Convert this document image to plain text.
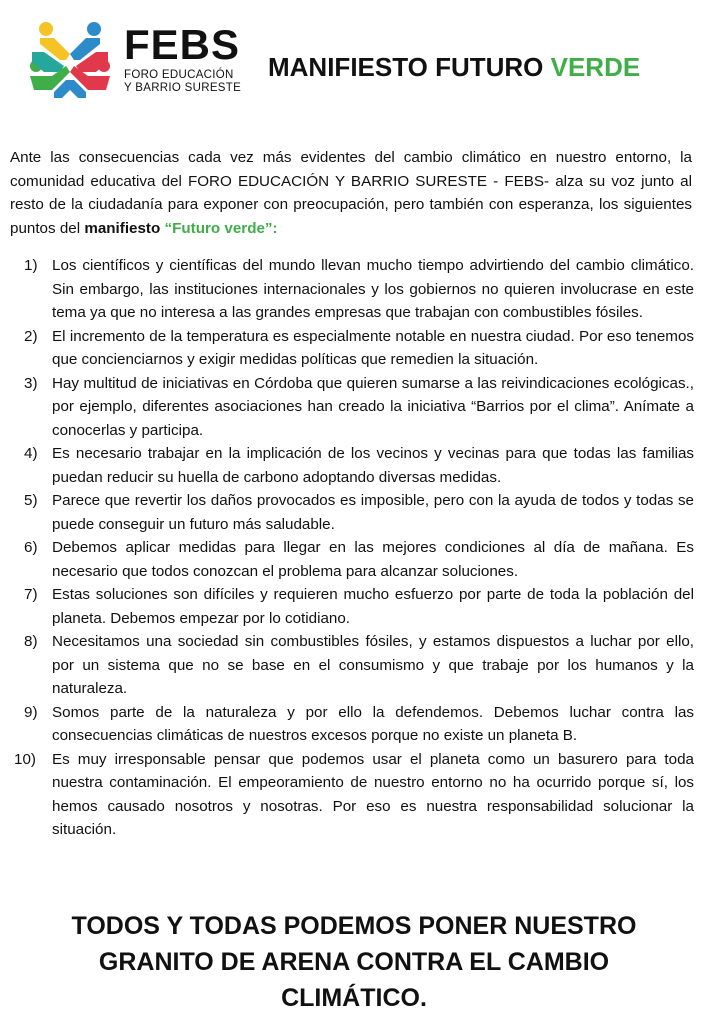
FEBS
FORO EDUCACIÓN
Y BARRIO SURESTE
MANIFIESTO FUTURO VERDE

Ante las consecuencias cada vez más evidentes del cambio climático en nuestro entorno, la comunidad educativa del FORO EDUCACIÓN Y BARRIO SURESTE - FEBS- alza su voz junto al resto de la ciudadanía para exponer con preocupación, pero también con esperanza, los siguientes puntos del manifiesto “Futuro verde”:

1) Los científicos y científicas del mundo llevan mucho tiempo advirtiendo del cambio climático. Sin embargo, las instituciones internacionales y los gobiernos no quieren involucrase en este tema ya que no interesa a las grandes empresas que trabajan con combustibles fósiles.
2) El incremento de la temperatura es especialmente notable en nuestra ciudad. Por eso tenemos que concienciarnos y exigir medidas políticas que remedien la situación.
3) Hay multitud de iniciativas en Córdoba que quieren sumarse a las reivindicaciones ecológicas., por ejemplo, diferentes asociaciones han creado la iniciativa “Barrios por el clima”. Anímate a conocerlas y participa.
4) Es necesario trabajar en la implicación de los vecinos y vecinas para que todas las familias puedan reducir su huella de carbono adoptando diversas medidas.
5) Parece que revertir los daños provocados es imposible, pero con la ayuda de todos y todas se puede conseguir un futuro más saludable.
6) Debemos aplicar medidas para llegar en las mejores condiciones al día de mañana. Es necesario que todos conozcan el problema para alcanzar soluciones.
7) Estas soluciones son difíciles y requieren mucho esfuerzo por parte de toda la población del planeta. Debemos empezar por lo cotidiano.
8) Necesitamos una sociedad sin combustibles fósiles, y estamos dispuestos a luchar por ello, por un sistema que no se base en el consumismo y que trabaje por los humanos y la naturaleza.
9) Somos parte de la naturaleza y por ello la defendemos. Debemos luchar contra las consecuencias climáticas de nuestros excesos porque no existe un planeta B.
10) Es muy irresponsable pensar que podemos usar el planeta como un basurero para toda nuestra contaminación. El empeoramiento de nuestro entorno no ha ocurrido porque sí, los hemos causado nosotros y nosotras. Por eso es nuestra responsabilidad solucionar la situación.
TODOS Y TODAS PODEMOS PONER NUESTRO GRANITO DE ARENA CONTRA EL CAMBIO CLIMÁTICO.
